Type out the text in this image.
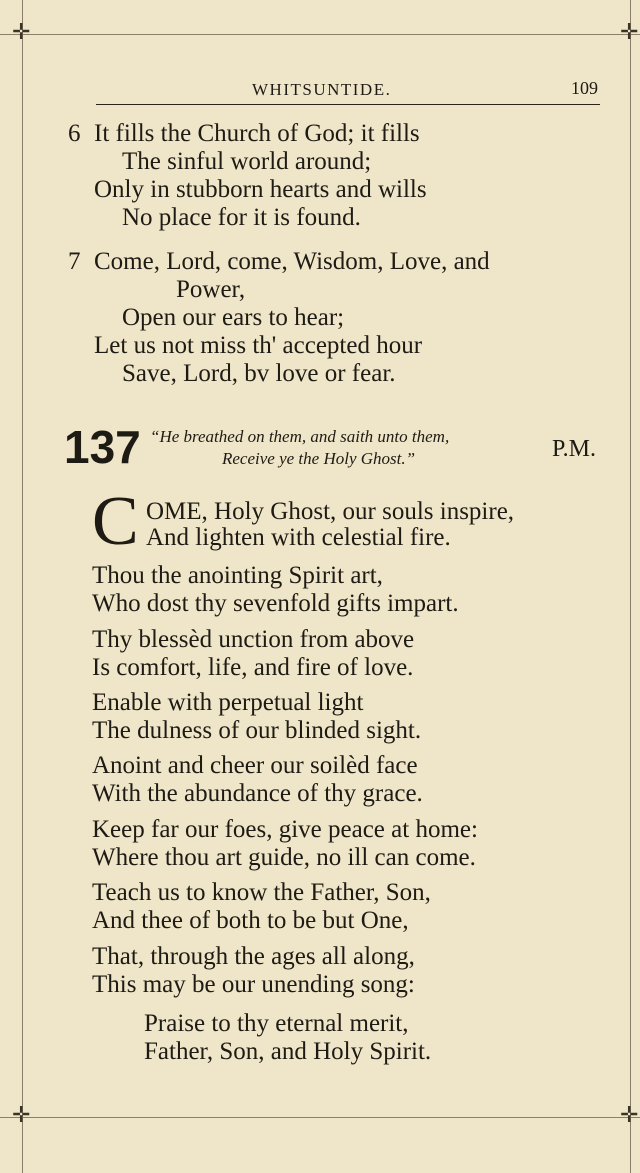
✛	✛
✛	✛
WHITSUNTIDE.	109
6 It fills the Church of God; it fills
The sinful world around;
Only in stubborn hearts and wills
No place for it is found.
7 Come, Lord, come, Wisdom, Love, and
Power,
Open our ears to hear;
Let us not miss th' accepted hour
Save, Lord, bv love or fear.
137 “He breathed on them, and saith unto them,
Receive ye the Holy Ghost.”	P.M.
C OME, Holy Ghost, our souls inspire,
And lighten with celestial fire.
Thou the anointing Spirit art,
Who dost thy sevenfold gifts impart.
Thy blessèd unction from above
Is comfort, life, and fire of love.
Enable with perpetual light
The dulness of our blinded sight.
Anoint and cheer our soilèd face
With the abundance of thy grace.
Keep far our foes, give peace at home:
Where thou art guide, no ill can come.
Teach us to know the Father, Son,
And thee of both to be but One,
That, through the ages all along,
This may be our unending song:
Praise to thy eternal merit,
Father, Son, and Holy Spirit.
